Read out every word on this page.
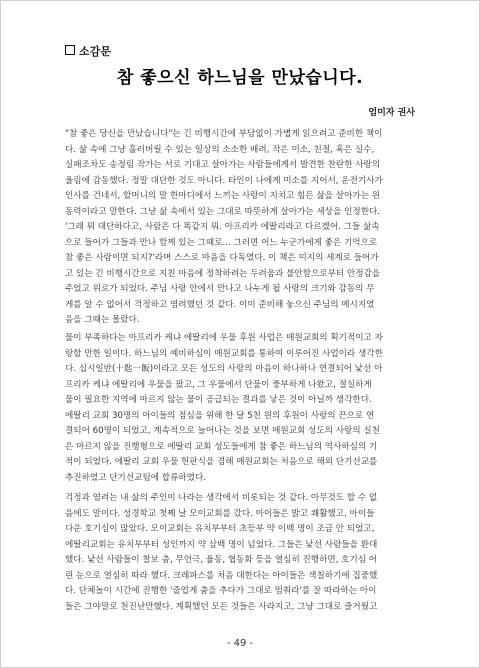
소감문
참 좋으신 하느님을 만났습니다.
엄미자 권사

"참 좋은 당신을 만났습니다"는 긴 비행시간에 부담없이 가볍게 읽으려고 준비한 책이
다. 삶 속에 그냥 흘러버릴 수 있는 일상의 소소한 배려, 작은 미소, 친절, 혹은 실수,
실패조차도 송정림 작가는 서로 기대고 살아가는 사람들에게서 발견한 찬란한 사랑의
울림에 감동했다. 정말 대단한 것도 아니다. 타인이 나에게 미소를 지어서, 운전기사가
인사를 건네서, 할머니의 말 한마디에서 느끼는 사랑이 지치고 힘든 삶을 살아가는 원
동력이라고 말한다. 그냥 삶 속에서 있는 그대로 따뜻하게 살아가는 세상을 인정한다.
'그래 뭐 대단하다고, 사람은 다 똑같지 뭐. 아프리카 에딸리라고 다르겠어. 그들 삶속
으로 들어가 그들과 만나 함께 있는 그때로... 그러면 어느 누군가에게 좋은 기억으로
참 좋은 사람이면 되지?'라며 스스로 마음을 다독였다. 이 책은 미지의 세계로 들어가
고 있는 긴 비행시간으로 지친 마음에 정착하려는 두려움과 불안함으로부터 안정감을
주었고 위로가 되었다. 주님 사랑 안에서 만나고 나누게 될 사랑의 크기와 감동의 무
게를 알 수 없어서 걱정하고 염려했던 것 같다. 이미 준비해 놓으신 주님의 메시지였
음을 그때는 몰랐다.

물이 부족하다는 아프리카 케냐 에딸리에 우물 후원 사업은 매원교회의 획기적이고 자
랑할 만한 일이다. 하느님의 예비하심이 매원교회를 통하여 이루어진 사업이라 생각한
다. 십시일반(十匙一飯)이라고 모든 성도의 사랑의 마음이 하나하나 연결되어 낯선 아
프리카 케냐 에딸리에 우물을 팠고, 그 우물에서 단물이 풍부하게 나왔고, 절실하게
물이 필요한 지역에 마르지 않는 물이 공급되는 결과를 낳은 것이 아닐까 생각한다.
에딸리 교회 30명의 아이들의 점심을 위해 한 달 5천 원의 후원이 사랑의 끈으로 연
결되어 60명이 되었고, 계속적으로 늘어나는 것을 보면 매원교회 성도의 사랑의 실천
은 마르지 않을 진행형으로 에딸리 교회 성도들에게 참 좋은 하느님의 역사하심의 기
적이 되었다. 에딸리 교회 우물 헌판식을 겸해 매원교회는 처음으로 해외 단기선교를
추진하였고 단기선교팀에 합류하였다.

걱정과 염려는 내 삶의 주인이 나라는 생각에서 비롯되는 것 같다. 아무것도 할 수 없
음에도 말이다. 성경학교 첫째 날 모이교회를 갔다. 아이들은 밝고 쾌활했고, 아이들
다운 호기심이 많았다. 모이교회는 유치부부터 초등부 약 이백 명이 조금 안 되었고,
에딸리교회는 유치부부터 성인까지 약 삼백 명이 넘었다. 그들은 낯선 사람들을 환대
했다. 낯선 사람들이 찰보 춤, 무언극, 율동, 협동화 등을 열심히 진행하면, 호기심 어
린 눈으로 열심히 따라 했다. 크레파스를 처음 대한다는 아이들은 색칠하기에 집중했
다. 단체놀이 시간에 진행한 '줍업게 춤을 추다가 그대로 멈춰라'를 잘 따라하는 아이
들은 그야말로 천진난만했다. 계획했던 모든 것들은 사라지고, 그냥 그대로 즐거웠고

- 49 -
